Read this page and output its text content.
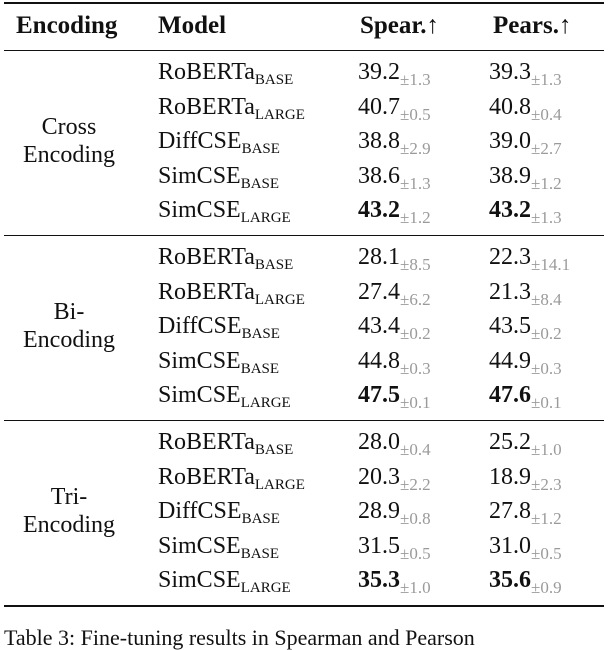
Encoding Model	Spear.↑ Pears.↑
Cross
Encoding
RoBERTa$_{BASE}$	$39.2_{\pm 1.3}$ $39.3_{\pm 1.3}$
RoBERTa$_{LARGE}$ $40.7_{\pm 0.5}$ $40.8_{\pm 0.4}$
DiffCSE$_{BASE}$	$38.8_{\pm 2.9}$ $39.0_{\pm 2.7}$
SimCSE$_{BASE}$	$38.6_{\pm 1.3}$ $38.9_{\pm 1.2}$
SimCSE$_{LARGE}$	$43.2_{\pm 1.2}$ $43.2_{\pm 1.3}$
Bi-
Encoding
RoBERTa$_{BASE}$	$28.1_{\pm 8.5}$ $22.3_{\pm 14.1}$
RoBERTa$_{LARGE}$ $27.4_{\pm 6.2}$ $21.3_{\pm 8.4}$
DiffCSE$_{BASE}$	$43.4_{\pm 0.2}$ $43.5_{\pm 0.2}$
SimCSE$_{BASE}$	$44.8_{\pm 0.3}$ $44.9_{\pm 0.3}$
SimCSE$_{LARGE}$	$47.5_{\pm 0.1}$ $47.6_{\pm 0.1}$
Tri-
Encoding
RoBERTa$_{BASE}$	$28.0_{\pm 0.4}$ $25.2_{\pm 1.0}$
RoBERTa$_{LARGE}$ $20.3_{\pm 2.2}$ $18.9_{\pm 2.3}$
DiffCSE$_{BASE}$	$28.9_{\pm 0.8}$ $27.8_{\pm 1.2}$
SimCSE$_{BASE}$	$31.5_{\pm 0.5}$ $31.0_{\pm 0.5}$
SimCSE$_{LARGE}$	$35.3_{\pm 1.0}$ $35.6_{\pm 0.9}$
Table 3: Fine-tuning results in Spearman and Pearson
